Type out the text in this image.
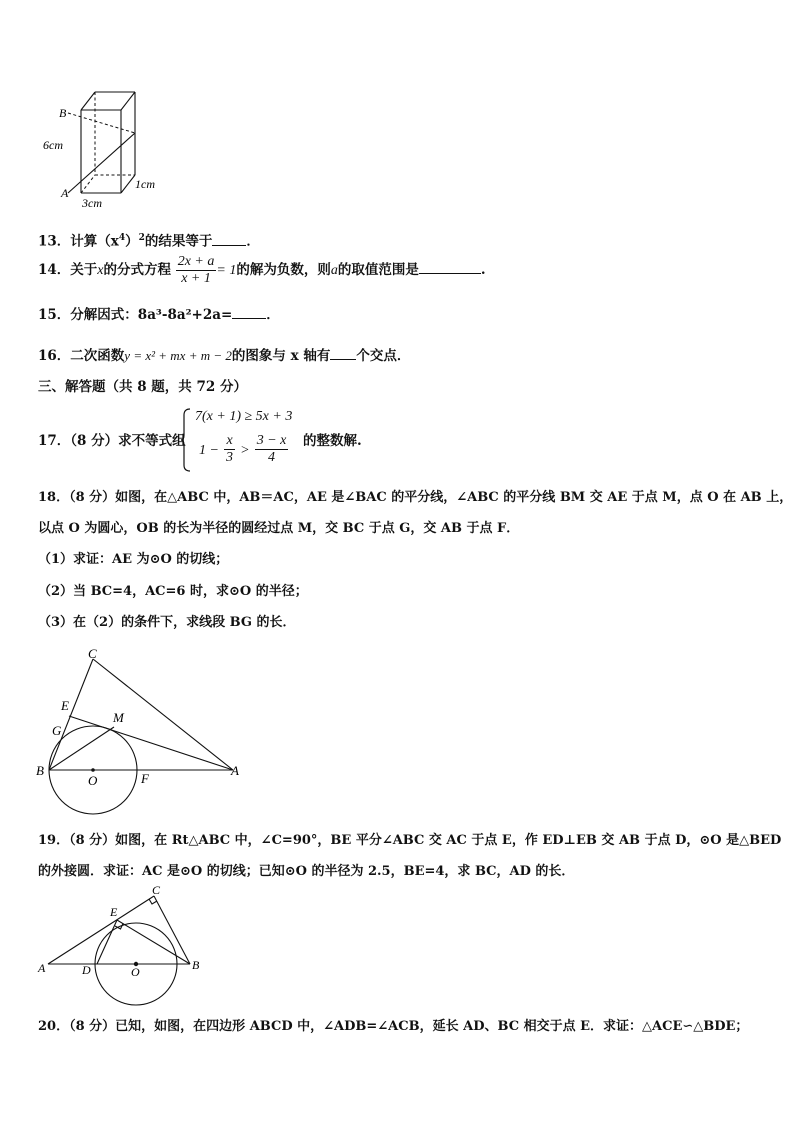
B
A
6cm
1cm
3cm
13．计算$(x^4)^2$的结果等于	．
14．关于x的分式方程 $\frac{2x + a}{x + 1} = 1$的解为负数，则a的取值范围是	.
15．分解因式：8a³-8a²+2a=	．
16．二次函数y = x² + mx + m − 2的图象与 x 轴有 个交点．
三、解答题（共 8 题，共 72 分）
17．（8 分）求不等式组
7(x + 1) ≥ 5x + 3
$1 - \frac{x}{3} > \frac{3 - x}{4}$ 的整数解.
18．（8 分）如图，在△ABC 中，AB＝AC，AE 是∠BAC 的平分线，∠ABC 的平分线 BM 交 AE 于点 M，点 O 在 AB 上，
以点 O 为圆心，OB 的长为半径的圆经过点 M，交 BC 于点 G，交 AB 于点 F．
（1）求证：AE 为⊙O 的切线；
（2）当 BC=4，AC=6 时，求⊙O 的半径；
（3）在（2）的条件下，求线段 BG 的长．
C
E
G
M
B
O	F
A
19．（8 分）如图，在 Rt△ABC 中，∠C=90°，BE 平分∠ABC 交 AC 于点 E，作 ED⊥EB 交 AB 于点 D，⊙O 是△BED
的外接圆．求证：AC 是⊙O 的切线；已知⊙O 的半径为 2.5，BE=4，求 BC，AD 的长．
C
E
A	D	O	B
20．（8 分）已知，如图，在四边形 ABCD 中，∠ADB=∠ACB，延长 AD、BC 相交于点 E．求证：△ACE∽△BDE；
